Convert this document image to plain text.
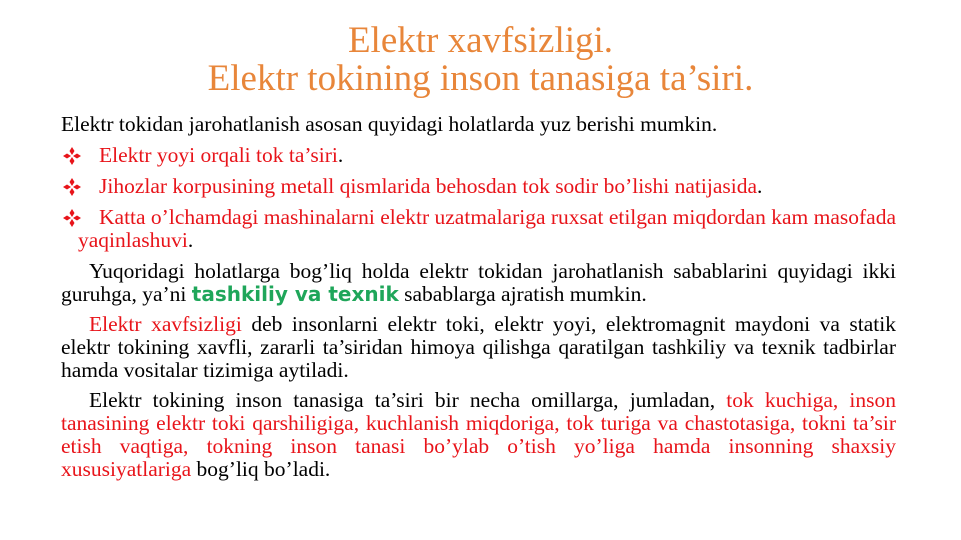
Elektr xavfsizligi.
Elektr tokining inson tanasiga ta’siri.

Elektr tokidan jarohatlanish asosan quyidagi holatlarda yuz berishi mumkin.

Elektr yoyi orqali tok ta’siri.
Jihozlar korpusining metall qismlarida behosdan tok sodir bo’lishi natijasida.
Katta o’lchamdagi mashinalarni elektr uzatmalariga ruxsat etilgan miqdordan kam masofada yaqinlashuvi.

Yuqoridagi holatlarga bog’liq holda elektr tokidan jarohatlanish sabablarini quyidagi ikki guruhga, ya’ni tashkiliy va texnik sabablarga ajratish mumkin.

Elektr xavfsizligi deb insonlarni elektr toki, elektr yoyi, elektromagnit maydoni va statik elektr tokining xavfli, zararli ta’siridan himoya qilishga qaratilgan tashkiliy va texnik tadbirlar hamda vositalar tizimiga aytiladi.

Elektr tokining inson tanasiga ta’siri bir necha omillarga, jumladan, tok kuchiga, inson tanasining elektr toki qarshiligiga, kuchlanish miqdoriga, tok turiga va chastotasiga, tokni ta’sir etish vaqtiga, tokning inson tanasi bo’ylab o’tish yo’liga hamda insonning shaxsiy xususiyatlariga bog’liq bo’ladi.
